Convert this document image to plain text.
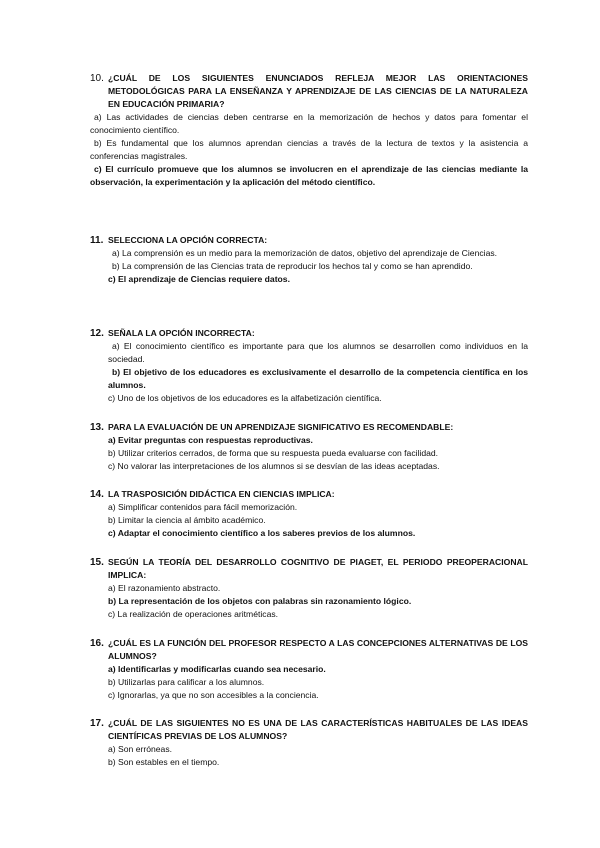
10. ¿CUÁL DE LOS SIGUIENTES ENUNCIADOS REFLEJA MEJOR LAS ORIENTACIONES METODOLÓGICAS PARA LA ENSEÑANZA Y APRENDIZAJE DE LAS CIENCIAS DE LA NATURALEZA EN EDUCACIÓN PRIMARIA?
a) Las actividades de ciencias deben centrarse en la memorización de hechos y datos para fomentar el conocimiento científico.
b) Es fundamental que los alumnos aprendan ciencias a través de la lectura de textos y la asistencia a conferencias magistrales.
c) El currículo promueve que los alumnos se involucren en el aprendizaje de las ciencias mediante la observación, la experimentación y la aplicación del método científico.
11. SELECCIONA LA OPCIÓN CORRECTA:
a) La comprensión es un medio para la memorización de datos, objetivo del aprendizaje de Ciencias.
b) La comprensión de las Ciencias trata de reproducir los hechos tal y como se han aprendido.
c) El aprendizaje de Ciencias requiere datos.
12. SEÑALA LA OPCIÓN INCORRECTA:
a) El conocimiento científico es importante para que los alumnos se desarrollen como individuos en la sociedad.
b) El objetivo de los educadores es exclusivamente el desarrollo de la competencia científica en los alumnos.
c) Uno de los objetivos de los educadores es la alfabetización científica.
13. PARA LA EVALUACIÓN DE UN APRENDIZAJE SIGNIFICATIVO ES RECOMENDABLE:
a) Evitar preguntas con respuestas reproductivas.
b) Utilizar criterios cerrados, de forma que su respuesta pueda evaluarse con facilidad.
c) No valorar las interpretaciones de los alumnos si se desvían de las ideas aceptadas.
14. LA TRASPOSICIÓN DIDÁCTICA EN CIENCIAS IMPLICA:
a) Simplificar contenidos para fácil memorización.
b) Limitar la ciencia al ámbito académico.
c) Adaptar el conocimiento científico a los saberes previos de los alumnos.
15. SEGÚN LA TEORÍA DEL DESARROLLO COGNITIVO DE PIAGET, EL PERIODO PREOPERACIONAL IMPLICA:
a) El razonamiento abstracto.
b) La representación de los objetos con palabras sin razonamiento lógico.
c) La realización de operaciones aritméticas.
16. ¿CUÁL ES LA FUNCIÓN DEL PROFESOR RESPECTO A LAS CONCEPCIONES ALTERNATIVAS DE LOS ALUMNOS?
a) Identificarlas y modificarlas cuando sea necesario.
b) Utilizarlas para calificar a los alumnos.
c) Ignorarlas, ya que no son accesibles a la conciencia.
17. ¿CUÁL DE LAS SIGUIENTES NO ES UNA DE LAS CARACTERÍSTICAS HABITUALES DE LAS IDEAS CIENTÍFICAS PREVIAS DE LOS ALUMNOS?
a) Son erróneas.
b) Son estables en el tiempo.
